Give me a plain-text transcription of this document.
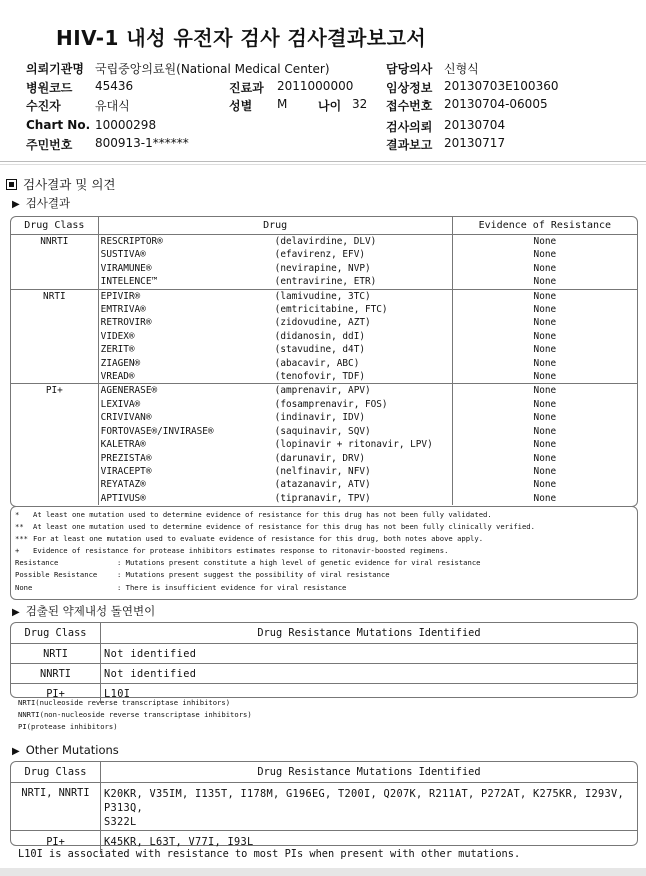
HIV-1 내성 유전자 검사 검사결과보고서
의뢰기관명 국립중앙의료원(National Medical Center)
병원코드 45436	진료과 2011000000
수진자	유대식	성별 M	나이 32
Chart No. 10000298
주민번호 800913-1******
담당의사 신형식
임상정보 20130703E100360
접수번호 20130704-06005
검사의뢰 20130704
결과보고 20130717
검사결과 및 의견
▶ 검사결과
Drug Class	Drug	Evidence of Resistance
NNRTI	RESCRIPTOR® (delavirdine, DLV)	None
	SUSTIVA® (efavirenz, EFV)	None
	VIRAMUNE® (nevirapine, NVP)	None
	INTELENCE™ (entravirine, ETR)	None
NRTI	EPIVIR® (lamivudine, 3TC)	None
	EMTRIVA® (emtricitabine, FTC)	None
	RETROVIR® (zidovudine, AZT)	None
	VIDEX® (didanosin, ddI)	None
	ZERIT® (stavudine, d4T)	None
	ZIAGEN® (abacavir, ABC)	None
	VREAD® (tenofovir, TDF)	None
PI+	AGENERASE® (amprenavir, APV)	None
	LEXIVA® (fosamprenavir, FOS)	None
	CRIVIVAN® (indinavir, IDV)	None
	FORTOVASE®/INVIRASE® (saquinavir, SQV)	None
	KALETRA® (lopinavir + ritonavir, LPV)	None
	PREZISTA® (darunavir, DRV)	None
	VIRACEPT® (nelfinavir, NFV)	None
	REYATAZ® (atazanavir, ATV)	None
	APTIVUS® (tipranavir, TPV)	None
* At least one mutation used to determine evidence of resistance for this drug has not been fully validated.
** At least one mutation used to determine evidence of resistance for this drug has not been fully clinically verified.
*** For at least one mutation used to evaluate evidence of resistance for this drug, both notes above apply.
+ Evidence of resistance for protease inhibitors estimates response to ritonavir-boosted regimens.
Resistance	: Mutations present constitute a high level of genetic evidence for viral resistance
Possible Resistance	: Mutations present suggest the possibility of viral resistance
None	: There is insufficient evidence for viral resistance
▶ 검출된 약제내성 돌연변이
Drug Class	Drug Resistance Mutations Identified
NRTI	Not identified
NNRTI	Not identified
PI+	L10I
NRTI(nucleoside reverse transcriptase inhibitors)
NNRTI(non-nucleoside reverse transcriptase inhibitors)
PI(protease inhibitors)
▶ Other Mutations
Drug Class	Drug Resistance Mutations Identified
NRTI, NNRTI	K20KR, V35IM, I135T, I178M, G196EG, T200I, Q207K, R211AT, P272AT, K275KR, I293V, P313Q,
S322L

PI+	K45KR, L63T, V77I, I93L
L10I is associated with resistance to most PIs when present with other mutations.
